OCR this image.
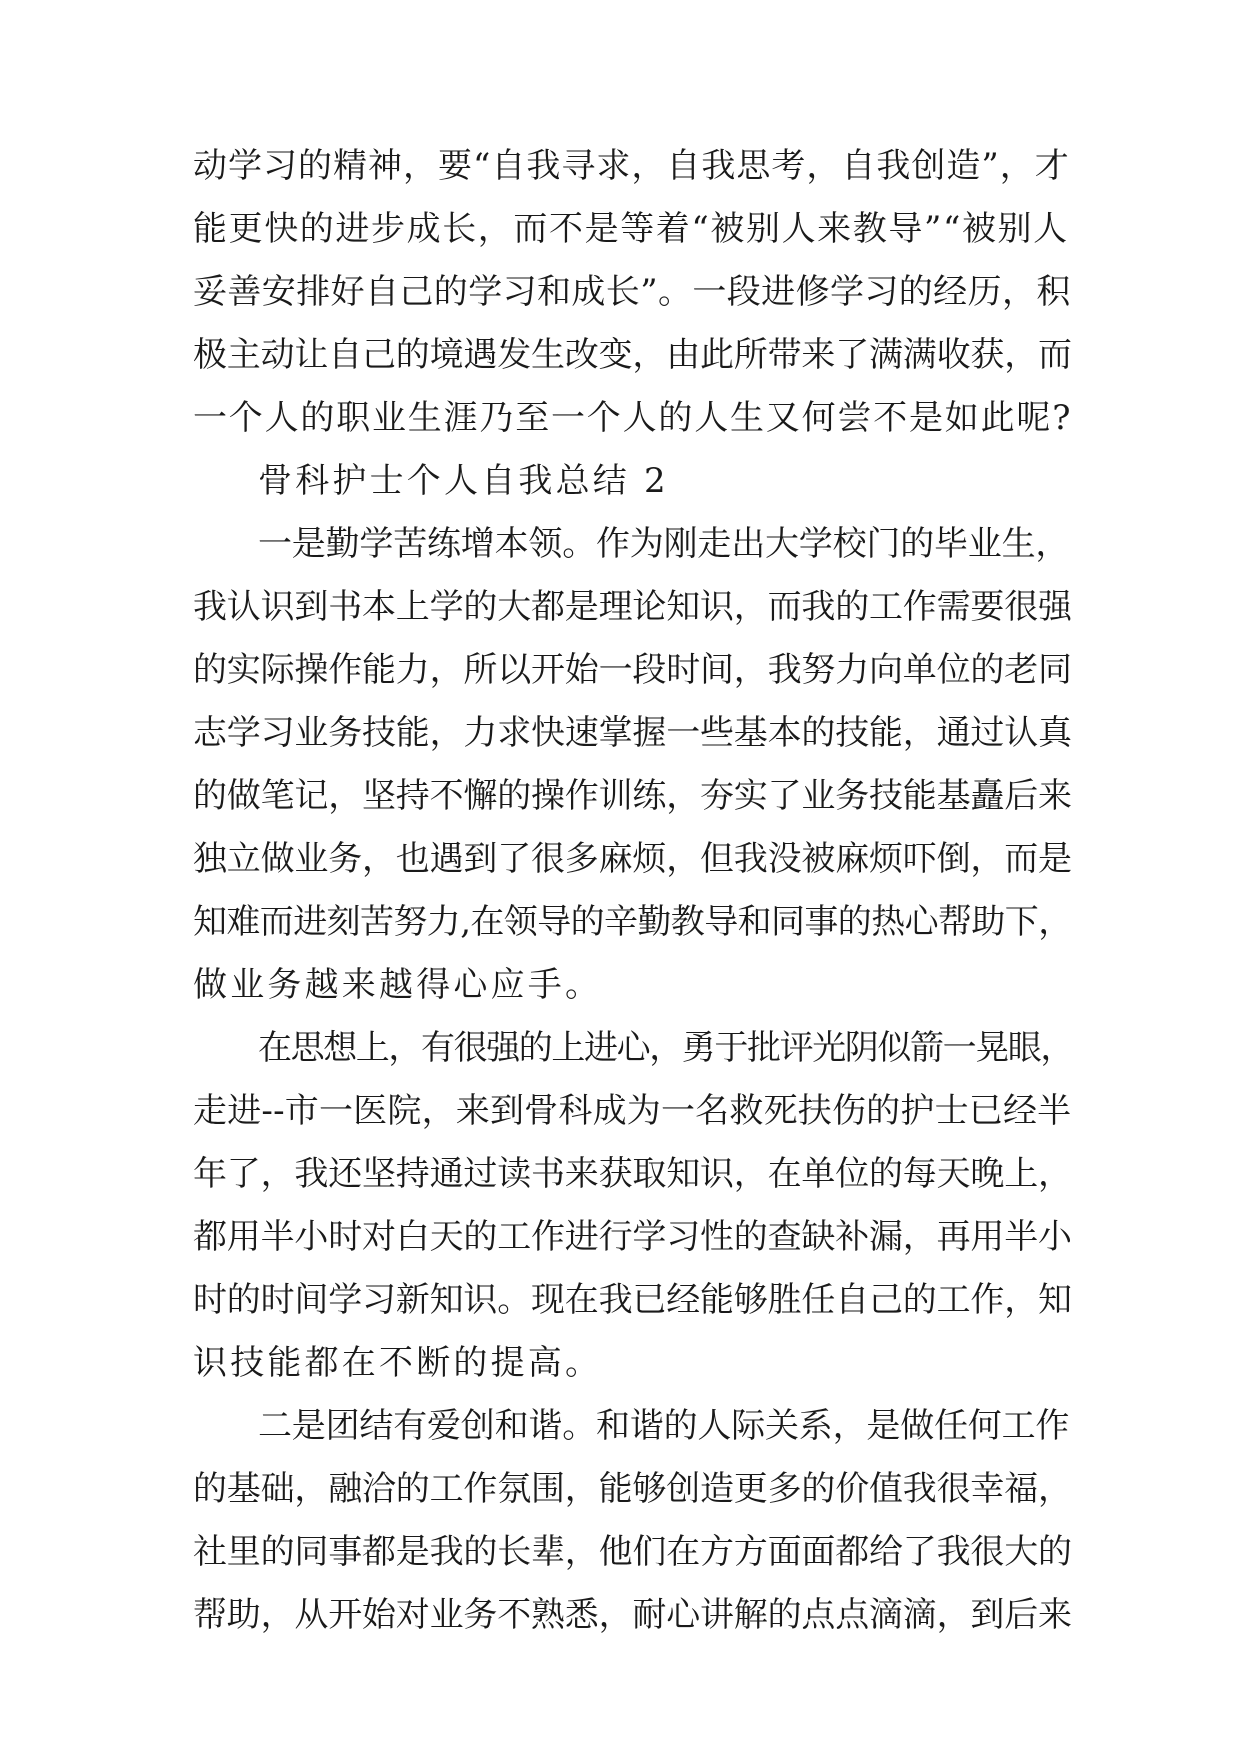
动学习的精神，要“自我寻求，自我思考，自我创造”，才

能更快的进步成长，而不是等着“被别人来教导”“被别人

妥善安排好自己的学习和成长”。一段进修学习的经历，积

极主动让自己的境遇发生改变，由此所带来了满满收获，而

一个人的职业生涯乃至一个人的人生又何尝不是如此呢?

骨科护士个人自我总结 2

一是勤学苦练增本领。作为刚走出大学校门的毕业生，

我认识到书本上学的大都是理论知识，而我的工作需要很强

的实际操作能力，所以开始一段时间，我努力向单位的老同

志学习业务技能，力求快速掌握一些基本的技能，通过认真

的做笔记，坚持不懈的操作训练，夯实了业务技能基矗后来

独立做业务，也遇到了很多麻烦，但我没被麻烦吓倒，而是

知难而进刻苦努力,在领导的辛勤教导和同事的热心帮助下，

做业务越来越得心应手。

在思想上，有很强的上进心，勇于批评光阴似箭一晃眼，

走进--市一医院，来到骨科成为一名救死扶伤的护士已经半

年了，我还坚持通过读书来获取知识，在单位的每天晚上，

都用半小时对白天的工作进行学习性的查缺补漏，再用半小

时的时间学习新知识。现在我已经能够胜任自己的工作，知

识技能都在不断的提高。

二是团结有爱创和谐。和谐的人际关系，是做任何工作

的基础，融洽的工作氛围，能够创造更多的价值我很幸福，

社里的同事都是我的长辈，他们在方方面面都给了我很大的

帮助，从开始对业务不熟悉，耐心讲解的点点滴滴，到后来
